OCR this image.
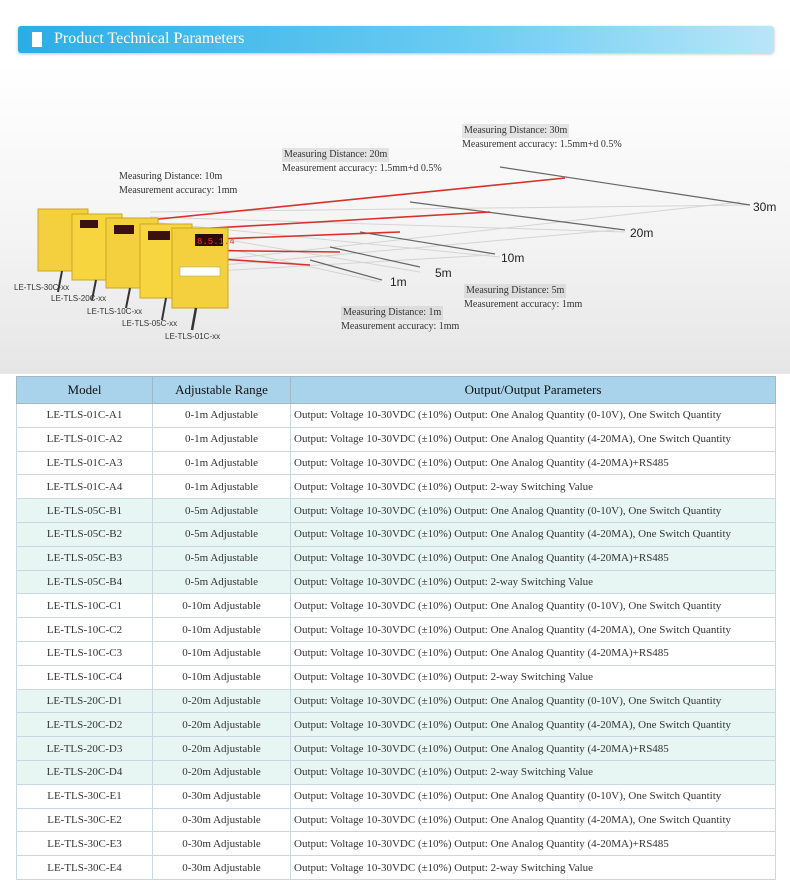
Product Technical Parameters
8.5.1.4
Measuring Distance: 10m
Measurement accuracy: 1mm
Measuring Distance: 20m
Measurement accuracy: 1.5mm+d 0.5%
Measuring Distance: 30m
Measurement accuracy: 1.5mm+d 0.5%
Measuring Distance: 5m
Measurement accuracy: 1mm
Measuring Distance: 1m
Measurement accuracy: 1mm
1m
5m
10m
20m
30m
LE-TLS-30C-xx
LE-TLS-20C-xx
LE-TLS-10C-xx
LE-TLS-05C-xx
LE-TLS-01C-xx
Model	Adjustable Range	Output/Output Parameters
LE-TLS-01C-A1	0-1m Adjustable	Output: Voltage 10-30VDC (±10%) Output: One Analog Quantity (0-10V), One Switch Quantity
LE-TLS-01C-A2	0-1m Adjustable	Output: Voltage 10-30VDC (±10%) Output: One Analog Quantity (4-20MA), One Switch Quantity
LE-TLS-01C-A3	0-1m Adjustable	Output: Voltage 10-30VDC (±10%) Output: One Analog Quantity (4-20MA)+RS485
LE-TLS-01C-A4	0-1m Adjustable	Output: Voltage 10-30VDC (±10%) Output: 2-way Switching Value
LE-TLS-05C-B1	0-5m Adjustable	Output: Voltage 10-30VDC (±10%) Output: One Analog Quantity (0-10V), One Switch Quantity
LE-TLS-05C-B2	0-5m Adjustable	Output: Voltage 10-30VDC (±10%) Output: One Analog Quantity (4-20MA), One Switch Quantity
LE-TLS-05C-B3	0-5m Adjustable	Output: Voltage 10-30VDC (±10%) Output: One Analog Quantity (4-20MA)+RS485
LE-TLS-05C-B4	0-5m Adjustable	Output: Voltage 10-30VDC (±10%) Output: 2-way Switching Value
LE-TLS-10C-C1	0-10m Adjustable	Output: Voltage 10-30VDC (±10%) Output: One Analog Quantity (0-10V), One Switch Quantity
LE-TLS-10C-C2	0-10m Adjustable	Output: Voltage 10-30VDC (±10%) Output: One Analog Quantity (4-20MA), One Switch Quantity
LE-TLS-10C-C3	0-10m Adjustable	Output: Voltage 10-30VDC (±10%) Output: One Analog Quantity (4-20MA)+RS485
LE-TLS-10C-C4	0-10m Adjustable	Output: Voltage 10-30VDC (±10%) Output: 2-way Switching Value
LE-TLS-20C-D1	0-20m Adjustable	Output: Voltage 10-30VDC (±10%) Output: One Analog Quantity (0-10V), One Switch Quantity
LE-TLS-20C-D2	0-20m Adjustable	Output: Voltage 10-30VDC (±10%) Output: One Analog Quantity (4-20MA), One Switch Quantity
LE-TLS-20C-D3	0-20m Adjustable	Output: Voltage 10-30VDC (±10%) Output: One Analog Quantity (4-20MA)+RS485
LE-TLS-20C-D4	0-20m Adjustable	Output: Voltage 10-30VDC (±10%) Output: 2-way Switching Value
LE-TLS-30C-E1	0-30m Adjustable	Output: Voltage 10-30VDC (±10%) Output: One Analog Quantity (0-10V), One Switch Quantity
LE-TLS-30C-E2	0-30m Adjustable	Output: Voltage 10-30VDC (±10%) Output: One Analog Quantity (4-20MA), One Switch Quantity
LE-TLS-30C-E3	0-30m Adjustable	Output: Voltage 10-30VDC (±10%) Output: One Analog Quantity (4-20MA)+RS485
LE-TLS-30C-E4	0-30m Adjustable	Output: Voltage 10-30VDC (±10%) Output: 2-way Switching Value
